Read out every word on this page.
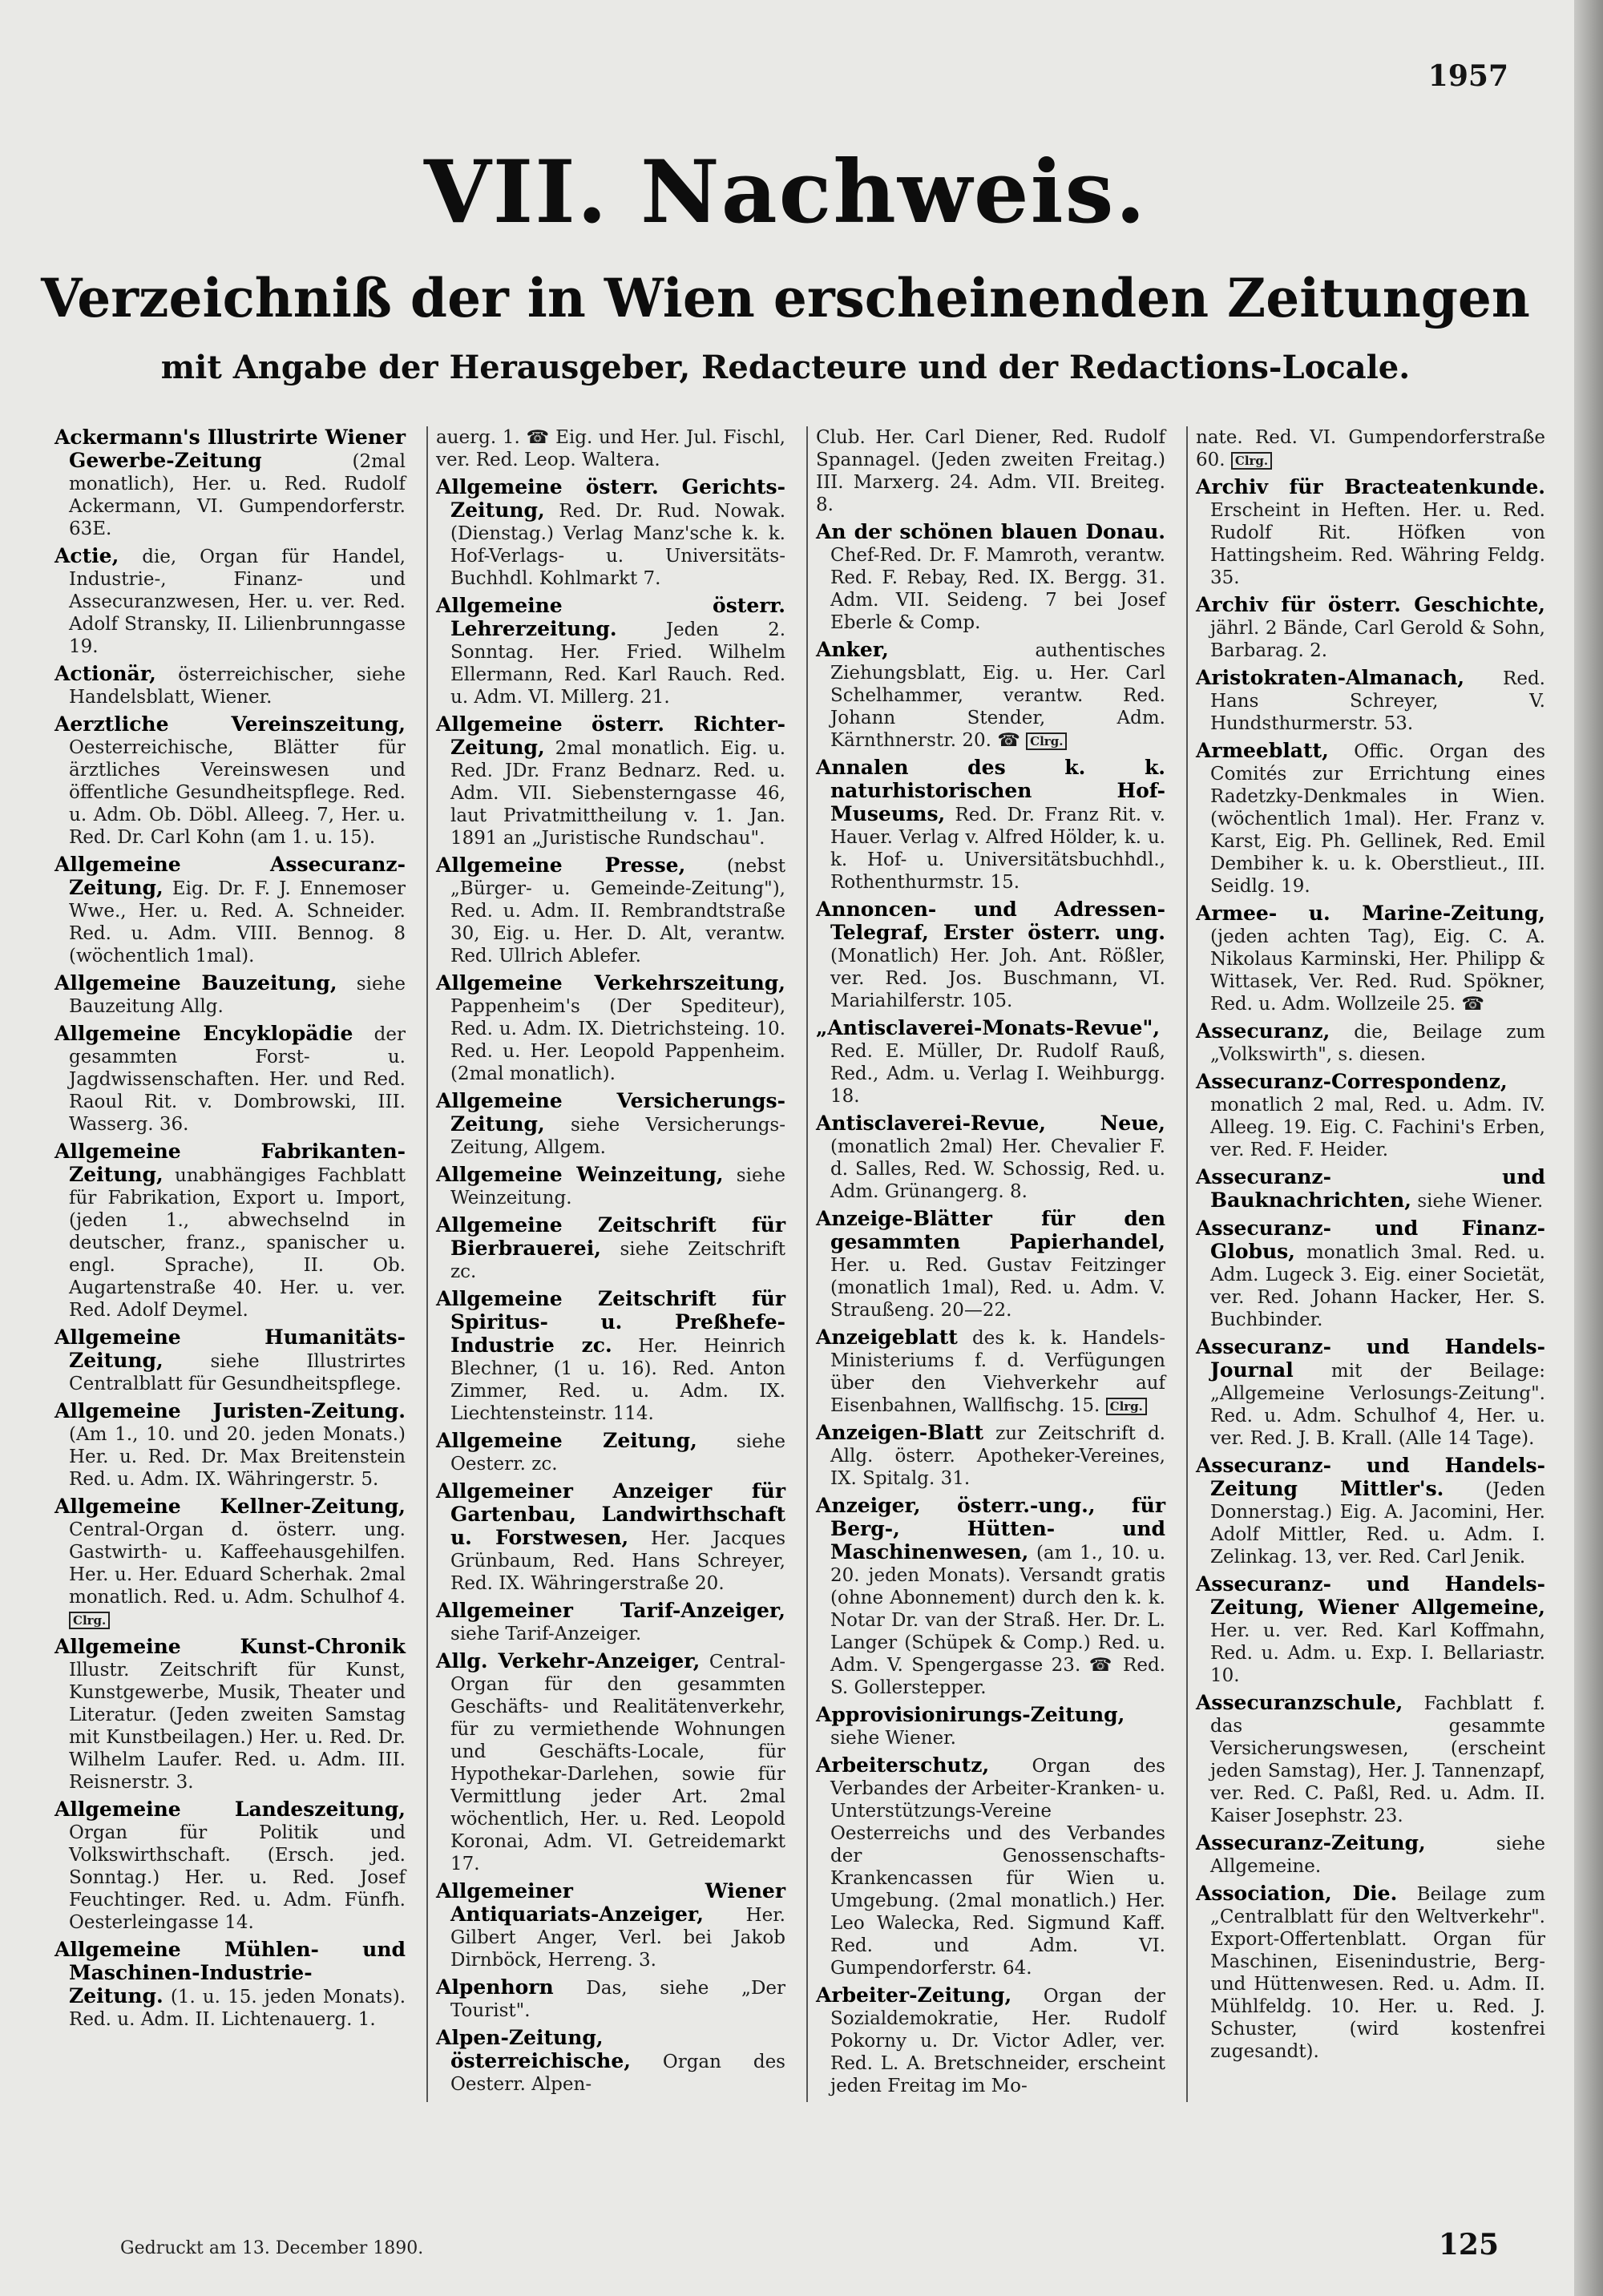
1957
VII. Nachweis.
Verzeichniß der in Wien erscheinenden Zeitungen
mit Angabe der Herausgeber, Redacteure und der Redactions-Locale.
Ackermann's Illustrirte Wiener Gewerbe-Zeitung	(2mal monatlich), Her. u. Red. Rudolf Ackermann, VI. Gumpendorferstr. 63E.
Actie, die, Organ für Handel, Industrie-, Finanz- und Assecuranzwesen, Her. u. ver. Red. Adolf Stransky, II. Lilienbrunngasse 19.
Actionär, österreichischer, siehe Handelsblatt, Wiener.
Aerztliche Vereinszeitung, Oesterreichische, Blätter für ärztliches Vereinswesen und öffentliche Gesundheitspflege. Red. u. Adm. Ob. Döbl. Alleeg. 7, Her. u. Red. Dr. Carl Kohn (am 1. u. 15).
Allgemeine Assecuranz-Zeitung, Eig. Dr. F. J. Ennemoser Wwe., Her. u. Red. A. Schneider. Red. u. Adm. VIII. Bennog. 8 (wöchentlich 1mal).
Allgemeine Bauzeitung, siehe Bauzeitung Allg.
Allgemeine Encyklopädie der gesammten Forst- u. Jagdwissenschaften. Her. und Red. Raoul Rit. v. Dombrowski, III. Wasserg. 36.
Allgemeine Fabrikanten-Zeitung, unabhängiges Fachblatt für Fabrikation, Export u. Import, (jeden 1., abwechselnd in deutscher, franz., spanischer u. engl. Sprache), II. Ob. Augartenstraße 40. Her. u. ver. Red. Adolf Deymel.
Allgemeine Humanitäts-Zeitung,	siehe Illustrirtes Centralblatt für Gesundheitspflege.
Allgemeine Juristen-Zeitung. (Am 1., 10. und 20. jeden Monats.) Her. u. Red. Dr. Max Breitenstein Red. u. Adm. IX. Währingerstr. 5.
Allgemeine Kellner-Zeitung, Central-Organ d. österr. ung. Gastwirth- u. Kaffeehausgehilfen. Her. u. Her. Eduard Scherhak. 2mal monatlich. Red. u. Adm. Schulhof 4. Clrg.
Allgemeine Kunst-Chronik Illustr. Zeitschrift für Kunst, Kunstgewerbe, Musik, Theater und Literatur. (Jeden zweiten Samstag mit Kunstbeilagen.) Her. u. Red. Dr. Wilhelm Laufer. Red. u. Adm. III. Reisnerstr. 3.
Allgemeine Landeszeitung, Organ für Politik und Volkswirthschaft. (Ersch. jed. Sonntag.) Her. u. Red. Josef Feuchtinger. Red. u. Adm. Fünfh. Oesterleingasse 14.
Allgemeine Mühlen- und Maschinen-Industrie-Zeitung. (1. u. 15. jeden Monats). Red. u. Adm. II. Lichtenauerg. 1.
auerg. 1. ☎ Eig. und Her. Jul. Fischl, ver. Red. Leop. Waltera.
Allgemeine österr. Gerichts-Zeitung, Red. Dr. Rud. Nowak. (Dienstag.) Verlag Manz'sche k. k. Hof-Verlags- u. Universitäts-Buchhdl. Kohlmarkt 7.
Allgemeine österr. Lehrerzeitung.	Jeden 2. Sonntag. Her. Fried. Wilhelm Ellermann, Red. Karl Rauch. Red. u. Adm. VI. Millerg. 21.
Allgemeine österr. Richter-Zeitung, 2mal monatlich. Eig. u. Red. JDr. Franz Bednarz. Red. u. Adm. VII. Siebensterngasse 46, laut Privatmittheilung v. 1. Jan. 1891 an „Juristische Rundschau".
Allgemeine Presse, (nebst „Bürger- u. Gemeinde-Zeitung"), Red. u. Adm. II. Rembrandtstraße 30, Eig. u. Her. D. Alt, verantw. Red. Ullrich Ablefer.
Allgemeine Verkehrszeitung, Pappenheim's (Der Spediteur), Red. u. Adm. IX. Dietrichsteing. 10. Red. u. Her. Leopold Pappenheim. (2mal monatlich).
Allgemeine Versicherungs-Zeitung, siehe Versicherungs-Zeitung, Allgem.
Allgemeine Weinzeitung, siehe Weinzeitung.
Allgemeine Zeitschrift für Bierbrauerei, siehe Zeitschrift zc.
Allgemeine Zeitschrift für Spiritus- u. Preßhefe-Industrie zc. Her. Heinrich Blechner, (1 u. 16). Red. Anton Zimmer, Red. u. Adm. IX. Liechtensteinstr. 114.
Allgemeine Zeitung, siehe Oesterr. zc.
Allgemeiner Anzeiger für Gartenbau, Landwirthschaft u. Forstwesen, Her. Jacques Grünbaum, Red. Hans Schreyer, Red. IX. Währingerstraße 20.
Allgemeiner Tarif-Anzeiger, siehe Tarif-Anzeiger.
Allg. Verkehr-Anzeiger, Central-Organ für den gesammten Geschäfts- und Realitätenverkehr, für zu vermiethende Wohnungen und Geschäfts-Locale, für Hypothekar-Darlehen, sowie für Vermittlung jeder Art. 2mal wöchentlich, Her. u. Red. Leopold Koronai, Adm. VI. Getreidemarkt 17.
Allgemeiner Wiener Antiquariats-Anzeiger, Her. Gilbert Anger, Verl. bei Jakob Dirnböck, Herreng. 3.
Alpenhorn Das, siehe „Der Tourist".
Alpen-Zeitung, österreichische, Organ des Oesterr. Alpen-
Club. Her. Carl Diener, Red. Rudolf Spannagel. (Jeden zweiten Freitag.) III. Marxerg. 24. Adm. VII. Breiteg. 8.
An der schönen blauen Donau. Chef-Red. Dr. F. Mamroth, verantw. Red. F. Rebay, Red. IX. Bergg. 31. Adm. VII. Seideng. 7 bei Josef Eberle & Comp.
Anker,	authentisches Ziehungsblatt, Eig. u. Her. Carl Schelhammer, verantw. Red. Johann Stender, Adm. Kärnthnerstr. 20. ☎ Clrg.
Annalen des k. k. naturhistorischen Hof-Museums, Red. Dr. Franz Rit. v. Hauer. Verlag v. Alfred Hölder, k. u. k. Hof- u. Universitätsbuchhdl., Rothenthurmstr. 15.
Annoncen- und Adressen-Telegraf, Erster österr. ung. (Monatlich) Her. Joh. Ant. Rößler, ver. Red. Jos. Buschmann, VI. Mariahilferstr. 105.
„Antisclaverei-Monats-Revue", Red. E. Müller, Dr. Rudolf Rauß, Red., Adm. u. Verlag I. Weihburgg. 18.
Antisclaverei-Revue, Neue, (monatlich 2mal) Her. Chevalier F. d. Salles, Red. W. Schossig, Red. u. Adm. Grünangerg. 8.
Anzeige-Blätter für den gesammten Papierhandel, Her. u. Red. Gustav Feitzinger (monatlich 1mal), Red. u. Adm. V. Straußeng. 20—22.
Anzeigeblatt des k. k. Handels-Ministeriums f. d. Verfügungen über den Viehverkehr auf Eisenbahnen, Wallfischg. 15. Clrg.
Anzeigen-Blatt zur Zeitschrift d. Allg. österr. Apotheker-Vereines, IX. Spitalg. 31.
Anzeiger, österr.-ung., für Berg-, Hütten- und Maschinenwesen, (am 1., 10. u. 20. jeden Monats). Versandt gratis (ohne Abonnement) durch den k. k. Notar Dr. van der Straß. Her. Dr. L. Langer (Schüpek & Comp.) Red. u. Adm. V. Spengergasse 23. ☎ Red. S. Gollerstepper.
Approvisionirungs-Zeitung, siehe Wiener.
Arbeiterschutz, Organ des Verbandes der Arbeiter-Kranken- u. Unterstützungs-Vereine Oesterreichs und des Verbandes der Genossenschafts-Krankencassen für Wien u. Umgebung. (2mal monatlich.) Her. Leo Walecka, Red. Sigmund Kaff. Red. und Adm. VI. Gumpendorferstr. 64.
Arbeiter-Zeitung, Organ der Sozialdemokratie, Her. Rudolf Pokorny u. Dr. Victor Adler, ver. Red. L. A. Bretschneider, erscheint jeden Freitag im Mo-
nate. Red. VI. Gumpendorferstraße 60. Clrg.
Archiv für Bracteatenkunde. Erscheint in Heften. Her. u. Red. Rudolf Rit. Höfken von Hattingsheim. Red. Währing Feldg. 35.
Archiv für österr. Geschichte, jährl. 2 Bände, Carl Gerold & Sohn, Barbarag. 2.
Aristokraten-Almanach, Red. Hans Schreyer, V. Hundsthurmerstr. 53.
Armeeblatt, Offic. Organ des Comités zur Errichtung eines Radetzky-Denkmales in Wien. (wöchentlich 1mal). Her. Franz v. Karst, Eig. Ph. Gellinek, Red. Emil Dembiher k. u. k. Oberstlieut., III. Seidlg. 19.
Armee- u. Marine-Zeitung, (jeden achten Tag), Eig. C. A. Nikolaus Karminski, Her. Philipp & Wittasek, Ver. Red. Rud. Spökner, Red. u. Adm. Wollzeile 25. ☎
Assecuranz, die, Beilage zum „Volkswirth", s. diesen.
Assecuranz-Correspondenz, monatlich 2 mal, Red. u. Adm. IV. Alleeg. 19. Eig. C. Fachini's Erben, ver. Red. F. Heider.
Assecuranz- und Bauknachrichten, siehe Wiener.
Assecuranz- und Finanz-Globus, monatlich 3mal. Red. u. Adm. Lugeck 3. Eig. einer Societät, ver. Red. Johann Hacker, Her. S. Buchbinder.
Assecuranz- und Handels-Journal mit der Beilage: „Allgemeine Verlosungs-Zeitung". Red. u. Adm. Schulhof 4, Her. u. ver. Red. J. B. Krall. (Alle 14 Tage).
Assecuranz- und Handels-Zeitung Mittler's. (Jeden Donnerstag.) Eig. A. Jacomini, Her. Adolf Mittler, Red. u. Adm. I. Zelinkag. 13, ver. Red. Carl Jenik.
Assecuranz- und Handels-Zeitung, Wiener Allgemeine, Her. u. ver. Red. Karl Koffmahn, Red. u. Adm. u. Exp. I. Bellariastr. 10.
Assecuranzschule, Fachblatt f. das gesammte Versicherungswesen, (erscheint jeden Samstag), Her. J. Tannenzapf, ver. Red. C. Paßl, Red. u. Adm. II. Kaiser Josephstr. 23.
Assecuranz-Zeitung,	siehe Allgemeine.
Association, Die. Beilage zum „Centralblatt für den Weltverkehr". Export-Offertenblatt. Organ für Maschinen, Eisenindustrie, Berg- und Hüttenwesen. Red. u. Adm. II. Mühlfeldg. 10. Her. u. Red. J. Schuster, (wird kostenfrei zugesandt).
Gedruckt am 13. December 1890.	125
